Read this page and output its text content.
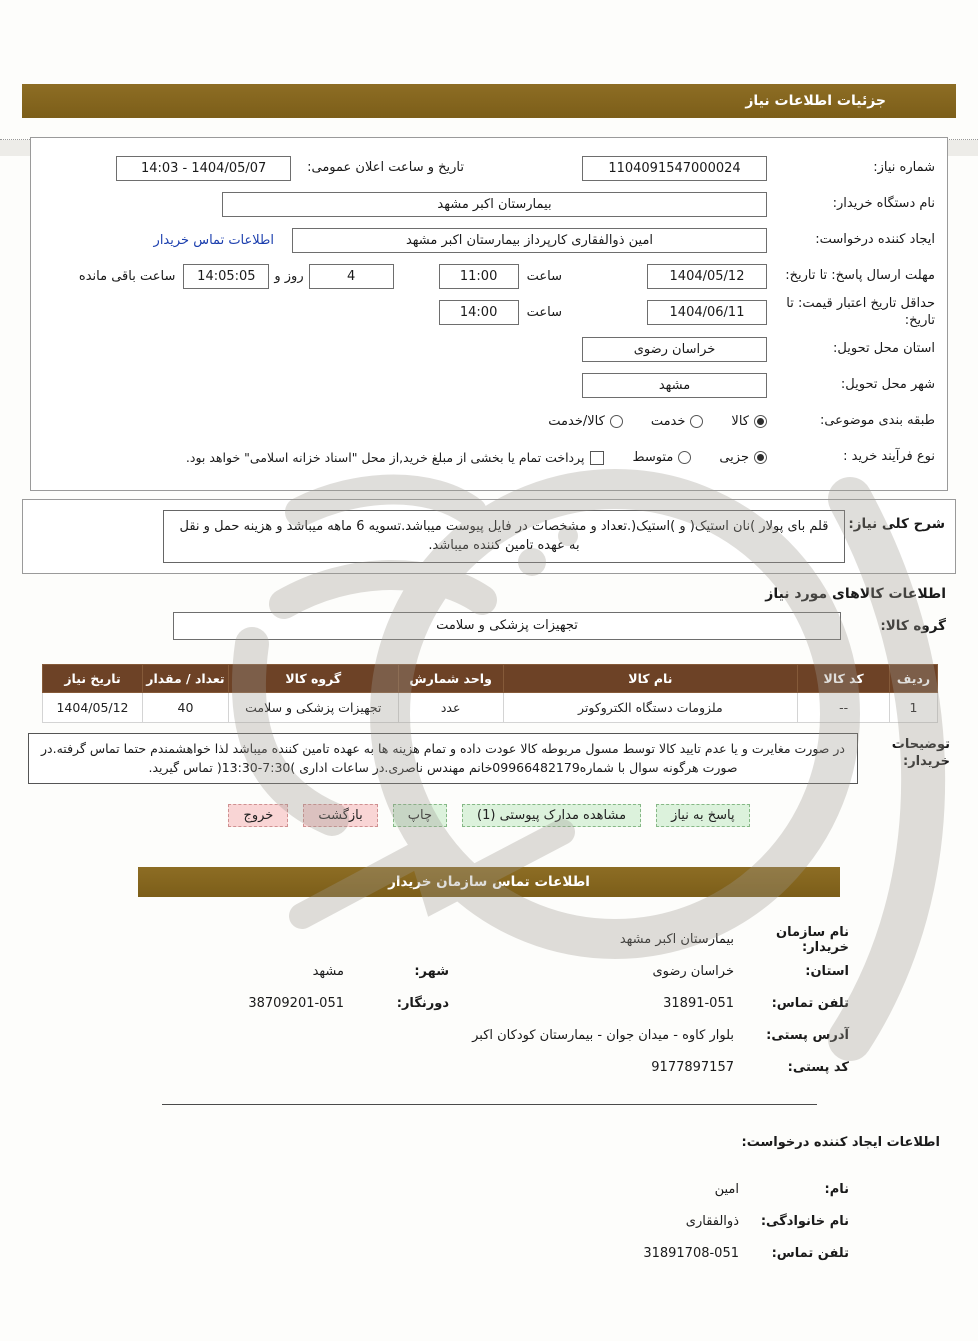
جزئیات اطلاعات نیاز
شماره نیاز:
1104091547000024
تاریخ و ساعت اعلان عمومی:
14:03 - 1404/05/07
نام دستگاه خریدار:
بیمارستان اکبر مشهد
ایجاد کننده درخواست:
امین ذوالفقاری کارپرداز بیمارستان اکبر مشهد
اطلاعات تماس خریدار
مهلت ارسال پاسخ: تا تاریخ:
1404/05/12
ساعت
11:00
4
روز و
14:05:05
ساعت باقی مانده
حداقل تاریخ اعتبار قیمت: تا تاریخ:
1404/06/11
ساعت
14:00
استان محل تحویل:
خراسان رضوی
شهر محل تحویل:
مشهد
طبقه بندی موضوعی:
کالا
خدمت
کالا/خدمت
نوع فرآیند خرید :
جزیی
متوسط
پرداخت تمام یا بخشی از مبلغ خرید,از محل "اسناد خزانه اسلامی" خواهد بود.
شرح کلی نیاز:
قلم بای پولار )نان استیک( و )استیک(.تعداد و مشخصات در فایل پیوست میباشد.تسویه 6 ماهه میباشد و هزینه حمل و نقل به عهده تامین کننده میباشد.
اطلاعات کالاهای مورد نیاز
گروه کالا:
تجهیزات پزشکی و سلامت
ردیف	کد کالا	نام کالا	واحد شمارش	گروه کالا	تعداد / مقدار	تاریخ نیاز
1	--	ملزومات دستگاه الکتروکوتر	عدد	تجهیزات پزشکی و سلامت	40	1404/05/12
توضیحات خریدار:
در صورت مغایرت و یا عدم تایید کالا توسط مسول مربوطه کالا عودت داده و تمام هزینه ها به عهده تامین کننده میباشد لذا خواهشمندم حتما تماس گرفته.در صورت هرگونه سوال با شماره09966482179خانم مهندس ناصری.در ساعات اداری )7:30-13:30( تماس گیرید.
پاسخ به نیاز
مشاهده مدارک پیوستی (1)
چاپ
بازگشت
خروج
اطلاعات تماس سازمان خریدار
نام سازمان خریدار:
بیمارستان اکبر مشهد
استان:
خراسان رضوی
شهر:
مشهد
تلفن تماس:
31891-051
دورنگار:
38709201-051
آدرس پستی:
بلوار کاوه - میدان جوان - بیمارستان کودکان اکبر
کد پستی:
9177897157
اطلاعات ایجاد کننده درخواست:
نام:
امین
نام خانوادگی:
ذوالفقاری
تلفن تماس:
31891708-051
